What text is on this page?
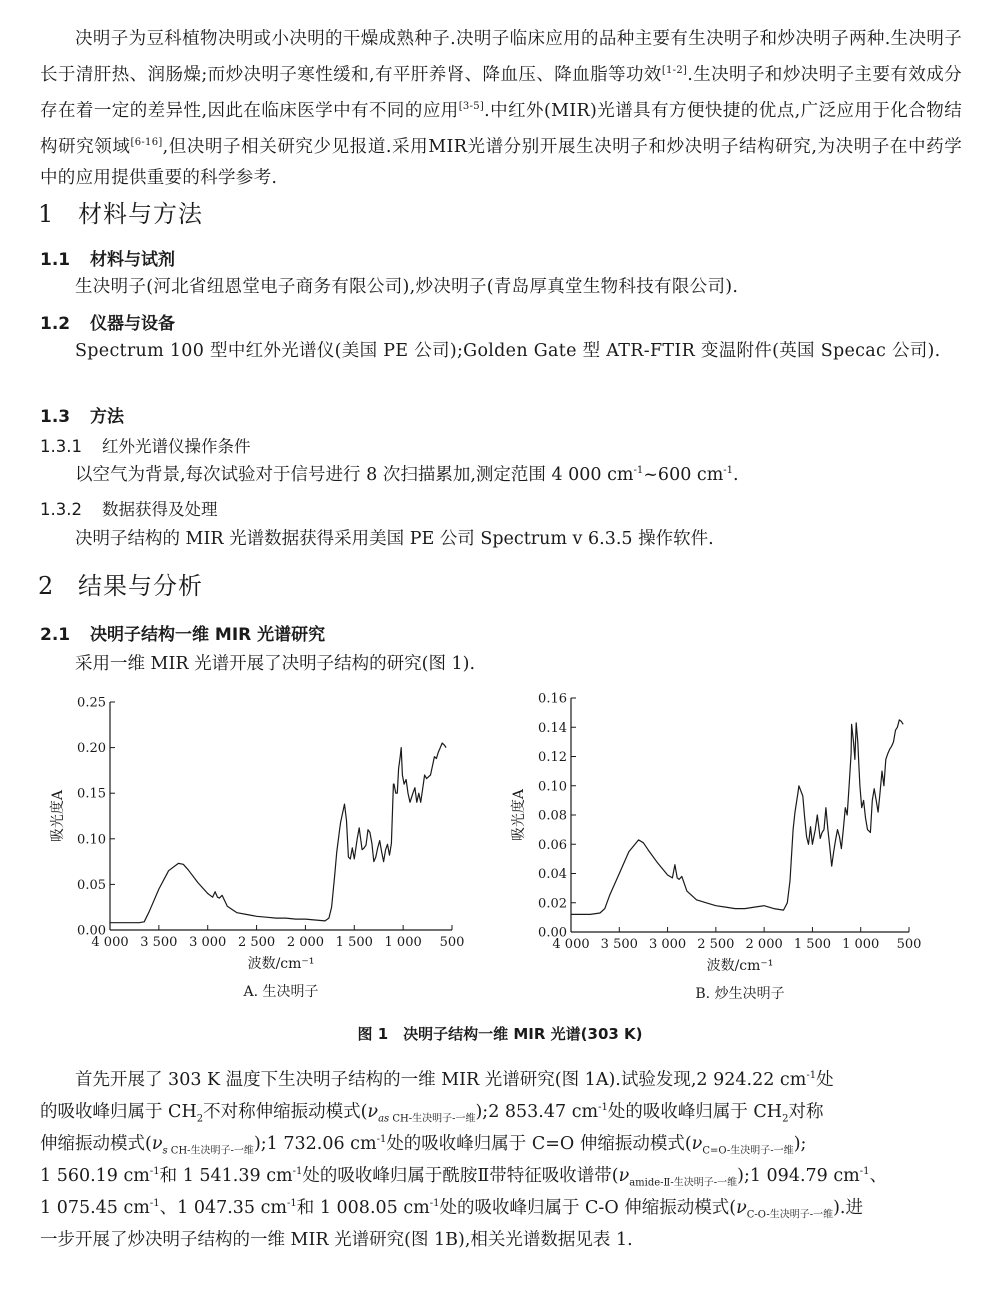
决明子为豆科植物决明或小决明的干燥成熟种子.决明子临床应用的品种主要有生决明子和炒决明子两种.生决明子长于清肝热、润肠燥;而炒决明子寒性缓和,有平肝养肾、降血压、降血脂等功效[1-2].生决明子和炒决明子主要有效成分存在着一定的差异性,因此在临床医学中有不同的应用[3-5].中红外(MIR)光谱具有方便快捷的优点,广泛应用于化合物结构研究领域[6-16],但决明子相关研究少见报道.采用MIR光谱分别开展生决明子和炒决明子结构研究,为决明子在中药学中的应用提供重要的科学参考.
1 材料与方法
1.1 材料与试剂
生决明子(河北省纽恩堂电子商务有限公司),炒决明子(青岛厚真堂生物科技有限公司).
1.2 仪器与设备
Spectrum 100 型中红外光谱仪(美国 PE 公司);Golden Gate 型 ATR-FTIR 变温附件(英国 Specac 公司).
1.3 方法
1.3.1 红外光谱仪操作条件
以空气为背景,每次试验对于信号进行 8 次扫描累加,测定范围 4 000 $cm^{-1}\sim 600$ $cm^{-1}$.
1.3.2 数据获得及处理
决明子结构的 MIR 光谱数据获得采用美国 PE 公司 Spectrum v 6.3.5 操作软件.
2 结果与分析
2.1 决明子结构一维 MIR 光谱研究
采用一维 MIR 光谱开展了决明子结构的研究(图 1).
0.00
0.05
0.10
0.15
0.20
0.25
4 000 3 500 3 000 2 500 2 000 1 500 1 000 500
吸光度A
波数/cm⁻¹
A. 生决明子
0.00
0.02
0.04
0.06
0.08
0.10
0.12
0.14
0.16
4 000 3 500 3 000 2 500 2 000 1 500 1 000 500
吸光度A
波数/cm⁻¹
B. 炒生决明子
图 1　决明子结构一维 MIR 光谱(303 K)
首先开展了 303 K 温度下生决明子结构的一维 MIR 光谱研究(图 1A).试验发现,2 924.22 $cm^{-1}$处
的吸收峰归属于 $CH_2$不对称伸缩振动模式$(\nu_{as CH-生决明子-一维});2$ 853.47 $cm^{-1}$处的吸收峰归属于 $CH_2$对称
伸缩振动模式$(\nu_{s CH-生决明子-一维});1$ 732.06 $cm^{-1}$处的吸收峰归属于 C=O 伸缩振动模式$(\nu_{C=O-生决明子-一维})$;
1 560.19 $cm^{-1}$和 1 541.39 $cm^{-1}$处的吸收峰归属于酰胺Ⅱ带特征吸收谱带$(\nu_{amide-Ⅱ-生决明子-一维});1$ 094.79 $cm^{-1}$、
1 075.45 $cm^{-1}$、1 047.35 $cm^{-1}$和 1 008.05 $cm^{-1}$处的吸收峰归属于 C-O 伸缩振动模式$(\nu_{C-O-生决明子-一维})$.进
一步开展了炒决明子结构的一维 MIR 光谱研究(图 1B),相关光谱数据见表 1.
